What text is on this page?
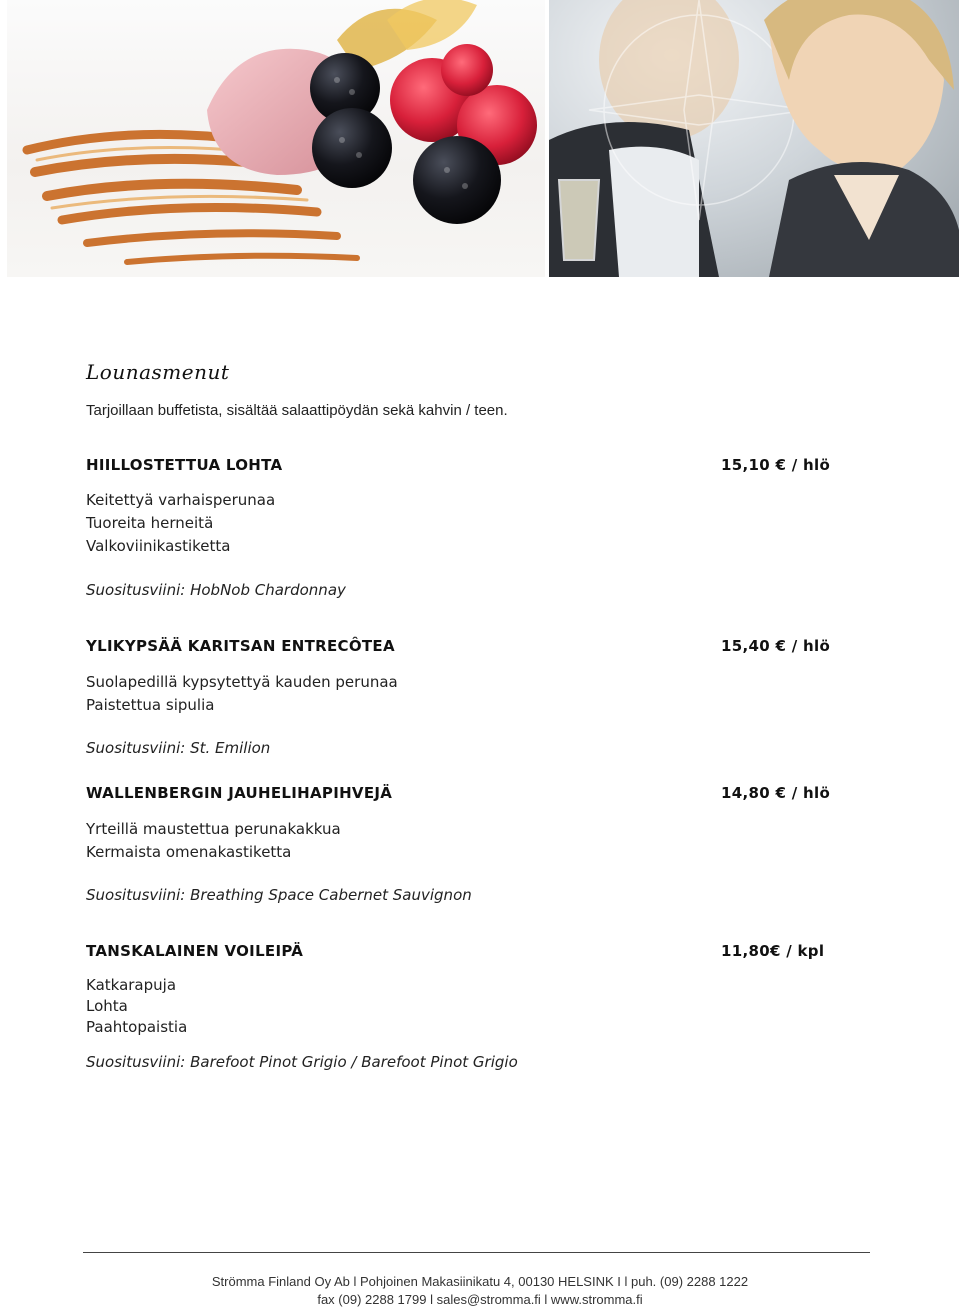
Lounasmenut
Tarjoillaan buffetista, sisältää salaattipöydän sekä kahvin / teen.
HIILLOSTETTUA LOHTA	15,10 € / hlö
Keitettyä varhaisperunaa
Tuoreita herneitä
Valkoviinikastiketta
Suositusviini: HobNob Chardonnay
YLIKYPSÄÄ KARITSAN ENTRECÔTEA	15,40 € / hlö
Suolapedillä kypsytettyä kauden perunaa
Paistettua sipulia
Suositusviini: St. Emilion
WALLENBERGIN JAUHELIHAPIHVEJÄ	14,80 € / hlö
Yrteillä maustettua perunakakkua
Kermaista omenakastiketta
Suositusviini: Breathing Space Cabernet Sauvignon
TANSKALAINEN VOILEIPÄ	11,80€ / kpl
Katkarapuja
Lohta
Paahtopaistia
Suositusviini: Barefoot Pinot Grigio / Barefoot Pinot Grigio
Strömma Finland Oy Ab l Pohjoinen Makasiinikatu 4, 00130 HELSINK I l puh. (09) 2288 1222
fax (09) 2288 1799 l sales@stromma.fi l www.stromma.fi
